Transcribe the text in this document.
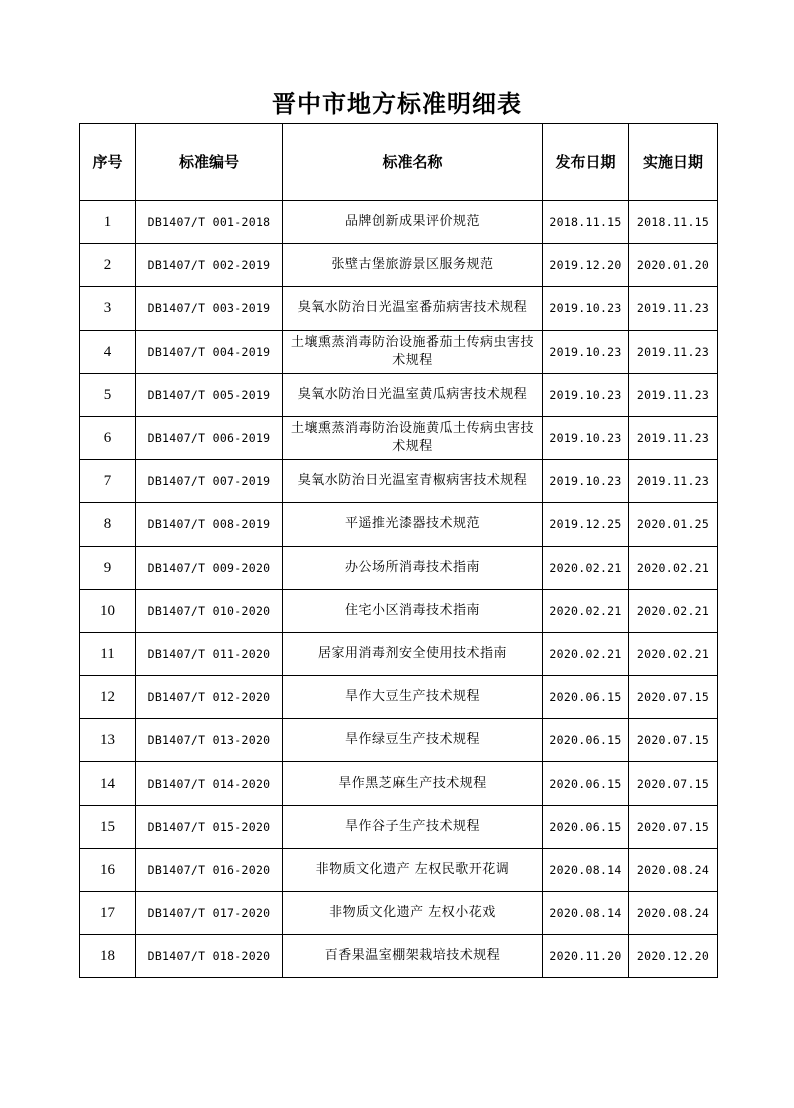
晋中市地方标准明细表
序号	标准编号	标准名称	发布日期	实施日期
1	DB1407/T 001-2018	品牌创新成果评价规范	2018.11.15	2018.11.15
2	DB1407/T 002-2019	张壁古堡旅游景区服务规范	2019.12.20	2020.01.20
3	DB1407/T 003-2019	臭氧水防治日光温室番茄病害技术规程	2019.10.23	2019.11.23
4	DB1407/T 004-2019	土壤熏蒸消毒防治设施番茄土传病虫害技术规程	2019.10.23	2019.11.23
5	DB1407/T 005-2019	臭氧水防治日光温室黄瓜病害技术规程	2019.10.23	2019.11.23
6	DB1407/T 006-2019	土壤熏蒸消毒防治设施黄瓜土传病虫害技术规程	2019.10.23	2019.11.23
7	DB1407/T 007-2019	臭氧水防治日光温室青椒病害技术规程	2019.10.23	2019.11.23
8	DB1407/T 008-2019	平遥推光漆器技术规范	2019.12.25	2020.01.25
9	DB1407/T 009-2020	办公场所消毒技术指南	2020.02.21	2020.02.21
10	DB1407/T 010-2020	住宅小区消毒技术指南	2020.02.21	2020.02.21
11	DB1407/T 011-2020	居家用消毒剂安全使用技术指南	2020.02.21	2020.02.21
12	DB1407/T 012-2020	旱作大豆生产技术规程	2020.06.15	2020.07.15
13	DB1407/T 013-2020	旱作绿豆生产技术规程	2020.06.15	2020.07.15
14	DB1407/T 014-2020	旱作黑芝麻生产技术规程	2020.06.15	2020.07.15
15	DB1407/T 015-2020	旱作谷子生产技术规程	2020.06.15	2020.07.15
16	DB1407/T 016-2020	非物质文化遗产 左权民歌开花调	2020.08.14	2020.08.24
17	DB1407/T 017-2020	非物质文化遗产 左权小花戏	2020.08.14	2020.08.24
18	DB1407/T 018-2020	百香果温室棚架栽培技术规程	2020.11.20	2020.12.20
